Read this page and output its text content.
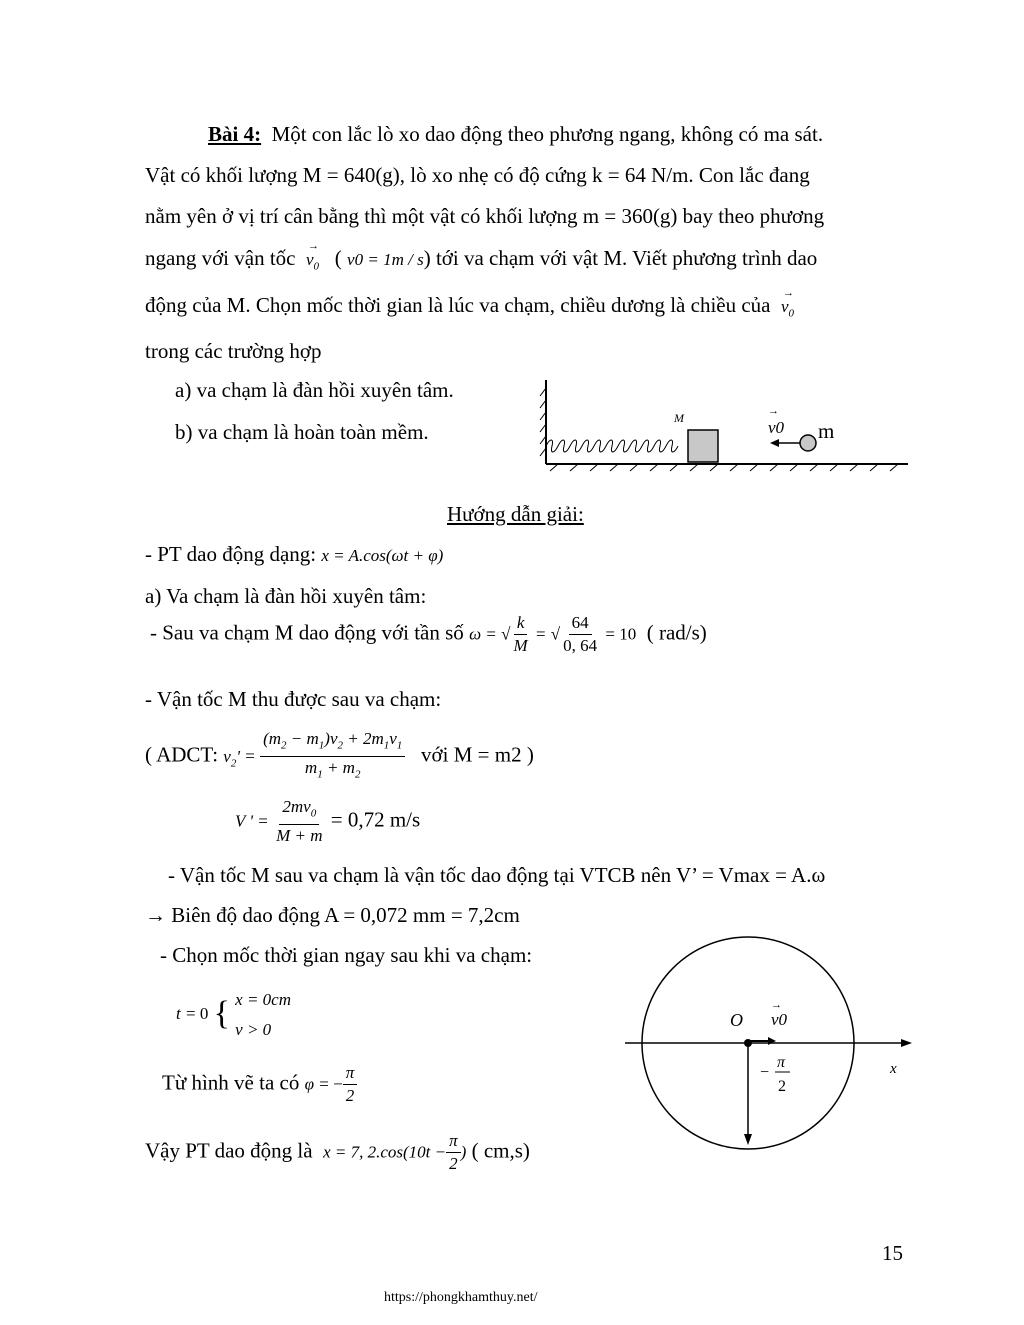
Bài 4: Một con lắc lò xo dao động theo phương ngang, không có ma sát.
Vật có khối lượng M = 640(g), lò xo nhẹ có độ cứng k = 64 N/m. Con lắc đang
nằm yên ở vị trí cân bằng thì một vật có khối lượng m = 360(g) bay theo phương
ngang với vận tốc → $v_0$   ( v0 = 1m / s) tới va chạm với vật M. Viết phương trình dao
động của M. Chọn mốc thời gian là lúc va chạm, chiều dương là chiều của → $v_0$
trong các trường hợp
a) va chạm là đàn hồi xuyên tâm.
b) va chạm là hoàn toàn mềm.
M	v0
→
m
Hướng dẫn giải:
- PT dao động dạng: x = A.cos(ωt + φ)
a) Va chạm là đàn hồi xuyên tâm:
- Sau va chạm M dao động với tần số ω = √ $\frac{k}{M}$ = √ $\frac{64}{0, 64} = 10$ ( rad/s)
- Vận tốc M thu được sau va chạm:
( ADCT: $v_2' = \frac{(m_2 - m_1)v_2 + 2m_1v_1}{m_1 + m_2}$ với M = m2 )
V ' = $\frac{2mv_0}{M + m} = 0,72$ m/s
- Vận tốc M sau va chạm là vận tốc dao động tại VTCB nên V’ = Vmax = A.ω
→ Biên độ dao động A = 0,072 mm = 7,2cm
- Chọn mốc thời gian ngay sau khi va chạm:
t = 0 { x = 0cm
v > 0
Từ hình vẽ ta có φ = − $\frac{\pi}{2}$
Vậy PT dao động là x = 7, $2.\cos(10t - \frac{\pi}{2}$ ) ( cm,s)
O
→
v0
x
−
π
2
15
https://phongkhamthuy.net/
